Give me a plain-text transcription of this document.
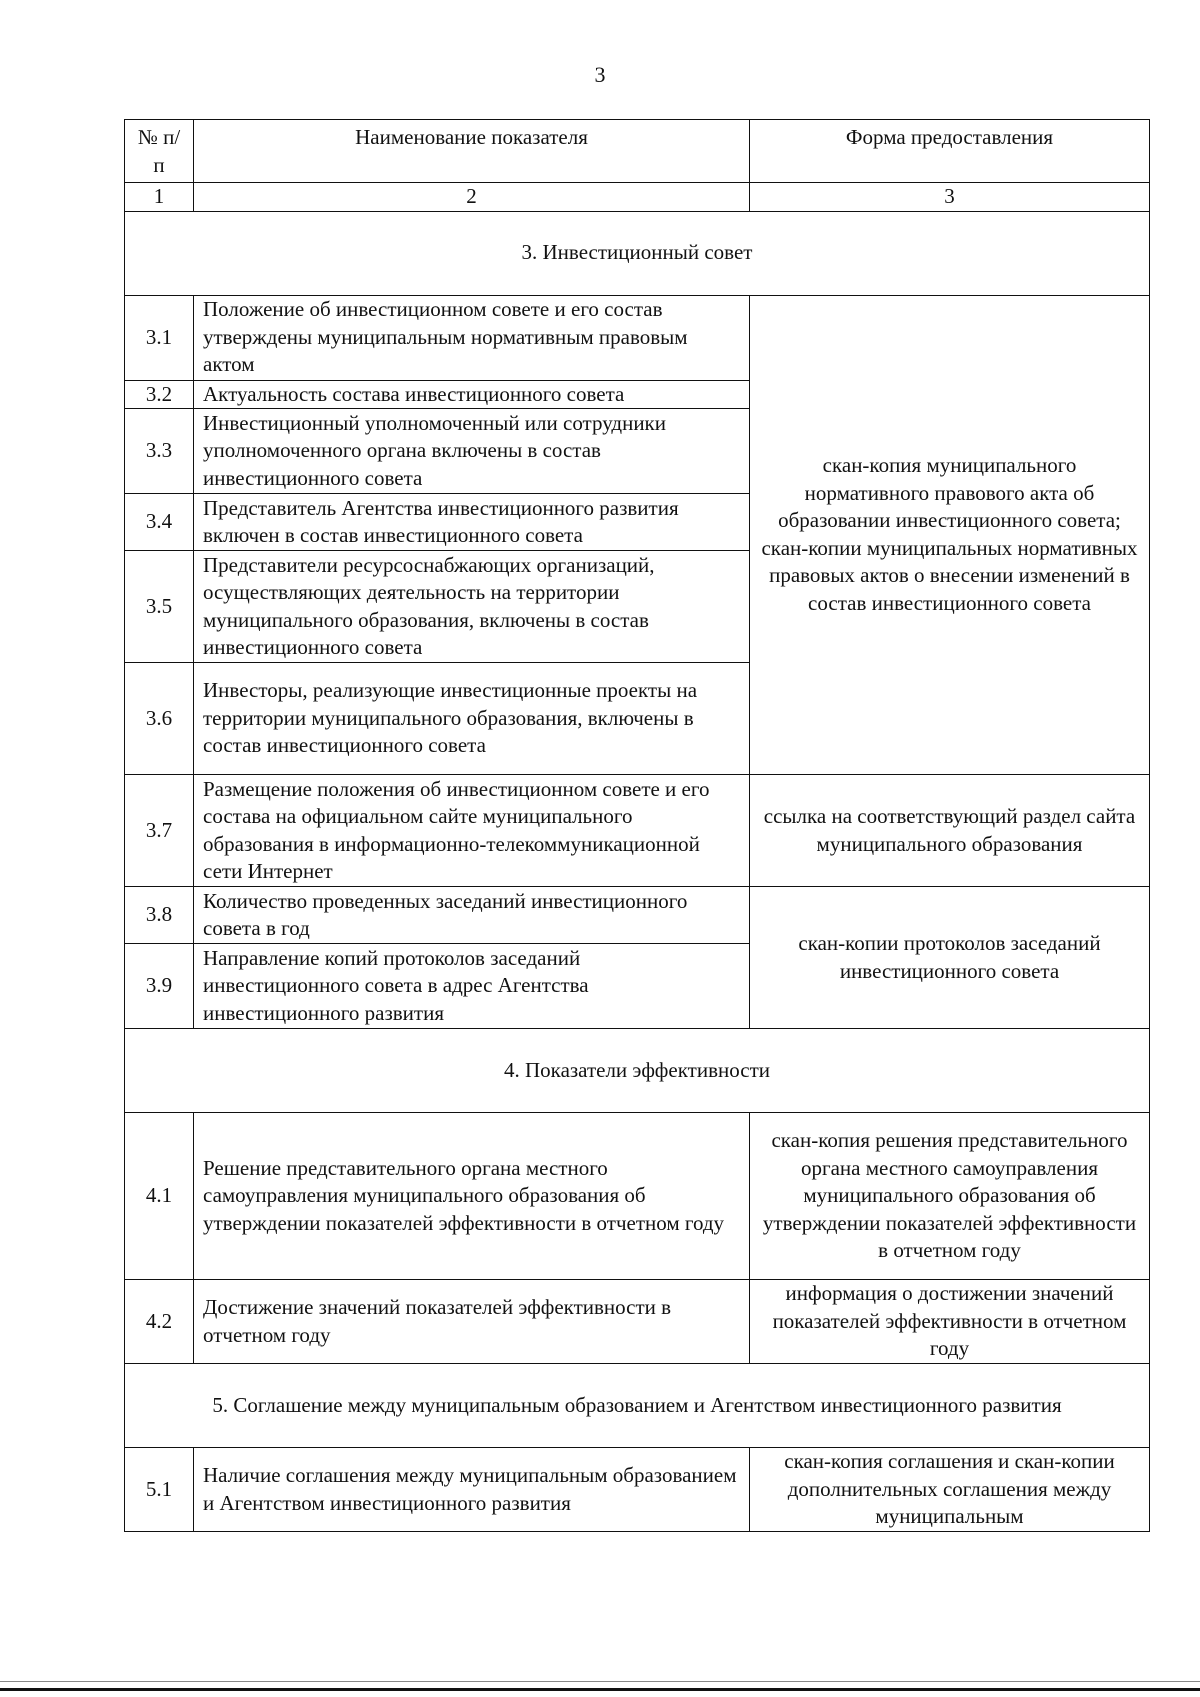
3
№ п/п	Наименование показателя	Форма предоставления
1	2	3
3. Инвестиционный совет		
3.1	Положение об инвестиционном совете и его состав утверждены муниципальным нормативным правовым актом	скан-копия муниципального нормативного правового акта об образовании инвестиционного совета; скан-копии муниципальных нормативных правовых актов о внесении изменений в состав инвестиционного совета
3.2	Актуальность состава инвестиционного совета	
3.3	Инвестиционный уполномоченный или сотрудники уполномоченного органа включены в состав инвестиционного совета	
3.4	Представитель Агентства инвестиционного развития включен в состав инвестиционного совета	
3.5	Представители ресурсоснабжающих организаций, осуществляющих деятельность на территории муниципального образования, включены в состав инвестиционного совета	
3.6	Инвесторы, реализующие инвестиционные проекты на территории муниципального образования, включены в состав инвестиционного совета	
3.7	Размещение положения об инвестиционном совете и его состава на официальном сайте муниципального образования в информационно-телекоммуникационной сети Интернет	ссылка на соответствующий раздел сайта муниципального образования
3.8	Количество проведенных заседаний инвестиционного совета в год	скан-копии протоколов заседаний инвестиционного совета
3.9	Направление копий протоколов заседаний инвестиционного совета в адрес Агентства инвестиционного развития	
4. Показатели эффективности		
4.1	Решение представительного органа местного самоуправления муниципального образования об утверждении показателей эффективности в отчетном году	скан-копия решения представительного органа местного самоуправления муниципального образования об утверждении показателей эффективности в отчетном году
4.2	Достижение значений показателей эффективности в отчетном году	информация о достижении значений показателей эффективности в отчетном году
5. Соглашение между муниципальным образованием и Агентством инвестиционного развития		
5.1	Наличие соглашения между муниципальным образованием и Агентством инвестиционного развития	скан-копия соглашения и скан-копии дополнительных соглашения между муниципальным
